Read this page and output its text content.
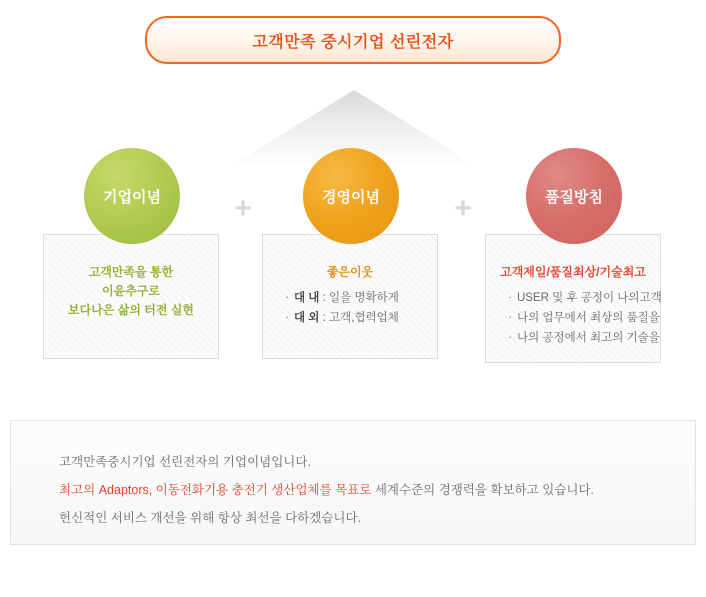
고객만족 중시기업 선린전자
+	+
기업이념
고객만족을 통한
이윤추구로
보다나은 삶의 터전 실현
경영이념
좋은이웃
· 대 내 : 일을 명확하게
· 대 외 : 고객,협력업체
품질방침
고객제일/품질최상/기술최고
· USER 및 후 공정이 나의고객
· 나의 업무에서 최상의 품질을
· 나의 공정에서 최고의 기술을

고객만족중시기업 선린전자의 기업이념입니다.

최고의 Adaptors, 이동전화기용 충전기 생산업체를 목표로 세계수준의 경쟁력을 확보하고 있습니다.

헌신적인 서비스 개선을 위해 항상 최선을 다하겠습니다.
